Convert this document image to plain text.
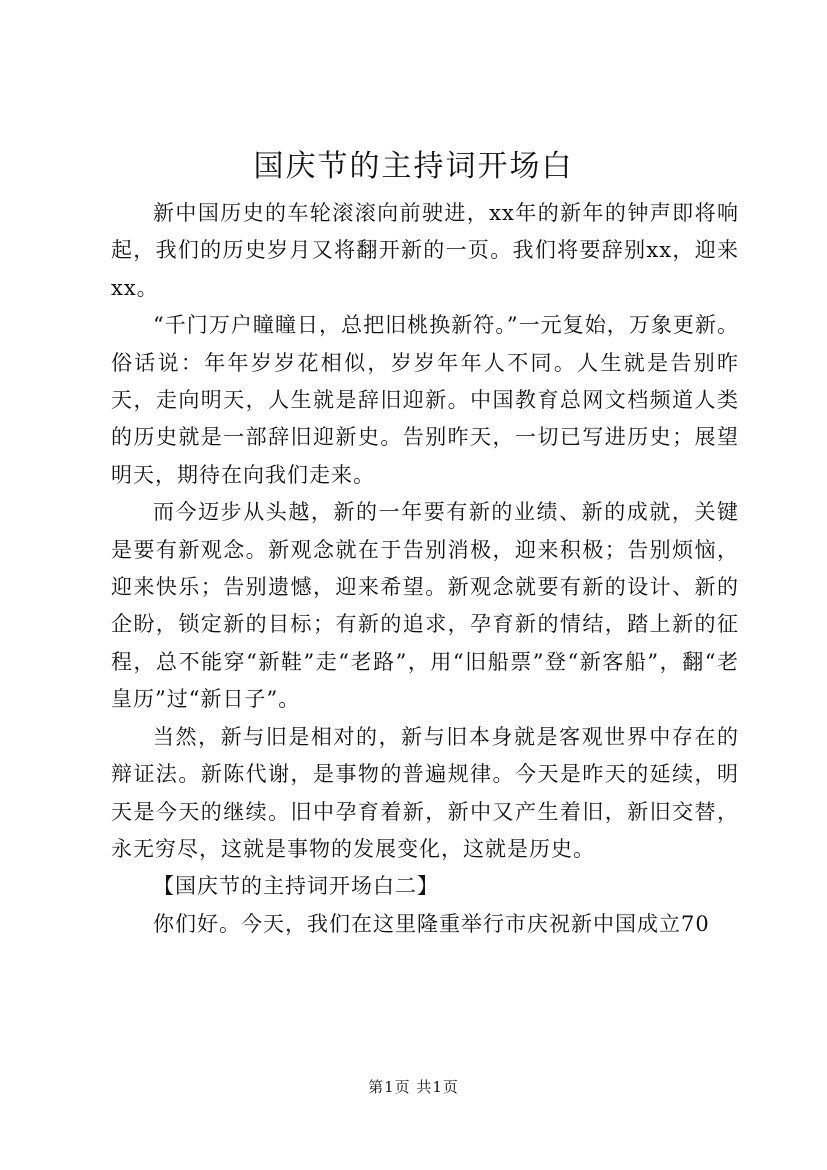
国庆节的主持词开场白

新中国历史的车轮滚滚向前驶进，xx年的新年的钟声即将响起，我们的历史岁月又将翻开新的一页。我们将要辞别xx，迎来xx。

“千门万户瞳瞳日，总把旧桃换新符。”一元复始，万象更新。俗话说：年年岁岁花相似，岁岁年年人不同。人生就是告别昨天，走向明天，人生就是辞旧迎新。中国教育总网文档频道人类的历史就是一部辞旧迎新史。告别昨天，一切已写进历史；展望明天，期待在向我们走来。

而今迈步从头越，新的一年要有新的业绩、新的成就，关键是要有新观念。新观念就在于告别消极，迎来积极；告别烦恼，迎来快乐；告别遗憾，迎来希望。新观念就要有新的设计、新的企盼，锁定新的目标；有新的追求，孕育新的情结，踏上新的征程，总不能穿“新鞋”走“老路”，用“旧船票”登“新客船”，翻“老皇历”过“新日子”。

当然，新与旧是相对的，新与旧本身就是客观世界中存在的辩证法。新陈代谢，是事物的普遍规律。今天是昨天的延续，明天是今天的继续。旧中孕育着新，新中又产生着旧，新旧交替，永无穷尽，这就是事物的发展变化，这就是历史。

【国庆节的主持词开场白二】

你们好。今天，我们在这里隆重举行市庆祝新中国成立70

第1页 共1页
